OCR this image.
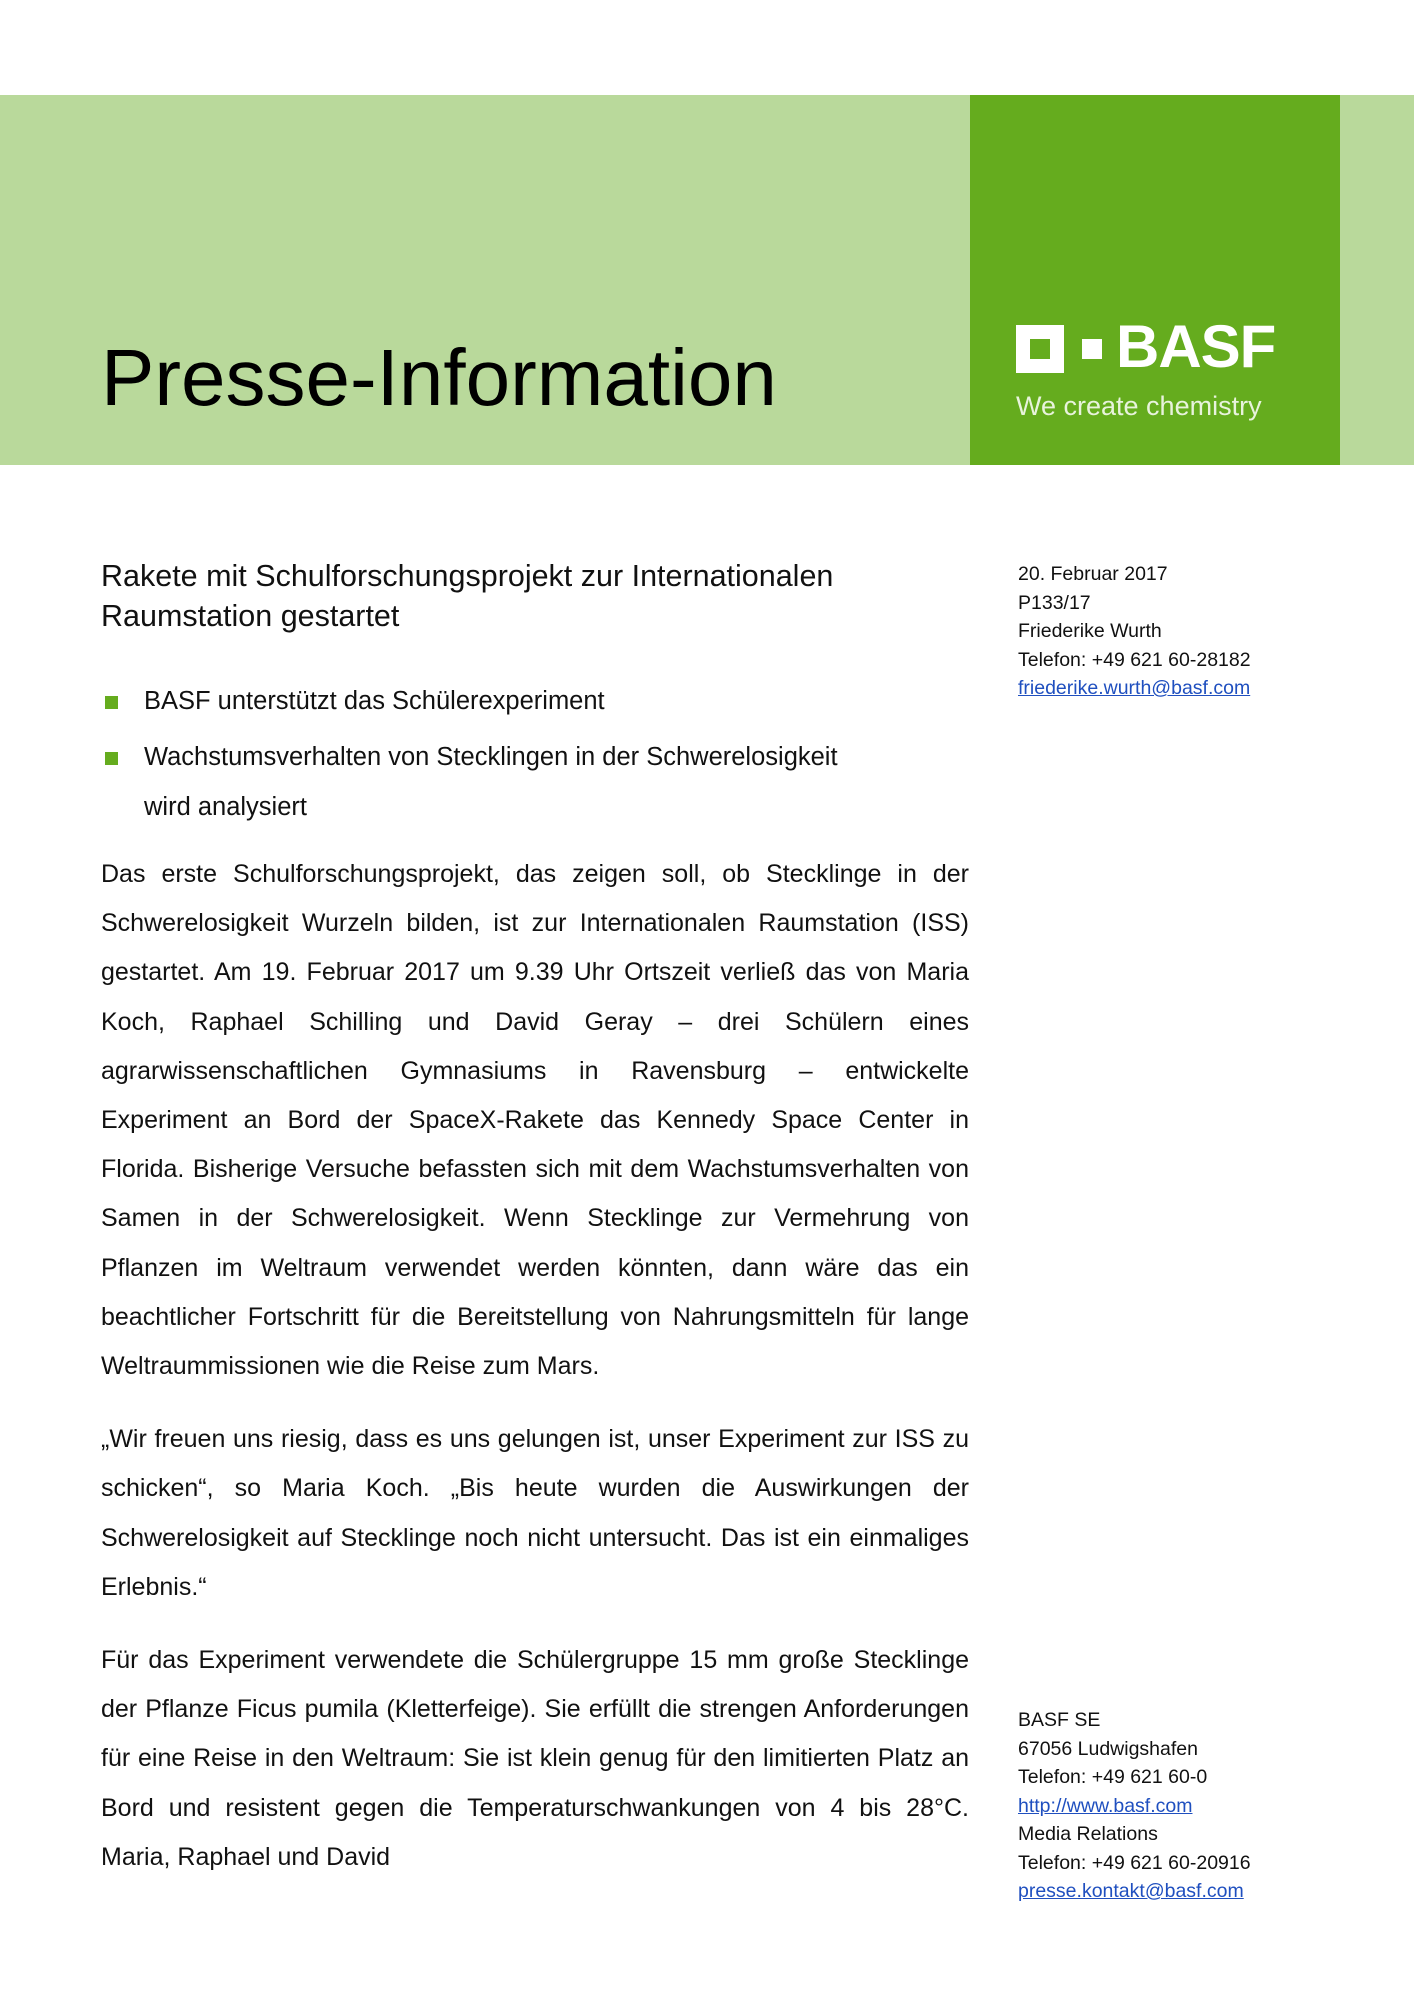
Presse-Information	BASF
We create chemistry
Rakete mit Schulforschungsprojekt zur Internationalen Raumstation gestartet
BASF unterstützt das Schülerexperiment
Wachstumsverhalten von Stecklingen in der Schwerelosigkeit wird analysiert

Das erste Schulforschungsprojekt, das zeigen soll, ob Stecklinge in der Schwerelosigkeit Wurzeln bilden, ist zur Internationalen Raumstation (ISS) gestartet. Am 19. Februar 2017 um 9.39 Uhr Ortszeit verließ das von Maria Koch, Raphael Schilling und David Geray – drei Schülern eines agrarwissenschaftlichen Gymnasiums in Ravensburg – entwickelte Experiment an Bord der SpaceX-Rakete das Kennedy Space Center in Florida. Bisherige Versuche befassten sich mit dem Wachstumsverhalten von Samen in der Schwerelosigkeit. Wenn Stecklinge zur Vermehrung von Pflanzen im Weltraum verwendet werden könnten, dann wäre das ein beachtlicher Fortschritt für die Bereitstellung von Nahrungsmitteln für lange Weltraummissionen wie die Reise zum Mars.

„Wir freuen uns riesig, dass es uns gelungen ist, unser Experiment zur ISS zu schicken“, so Maria Koch. „Bis heute wurden die Auswirkungen der Schwerelosigkeit auf Stecklinge noch nicht untersucht. Das ist ein einmaliges Erlebnis.“

Für das Experiment verwendete die Schülergruppe 15 mm große Stecklinge der Pflanze Ficus pumila (Kletterfeige). Sie erfüllt die strengen Anforderungen für eine Reise in den Weltraum: Sie ist klein genug für den limitierten Platz an Bord und resistent gegen die Temperaturschwankungen von 4 bis 28°C. Maria, Raphael und David

20. Februar 2017
P133/17
Friederike Wurth
Telefon: +49 621 60-28182
friederike.wurth@basf.com
BASF SE
67056 Ludwigshafen
Telefon: +49 621 60-0
http://www.basf.com
Media Relations
Telefon: +49 621 60-20916
presse.kontakt@basf.com
